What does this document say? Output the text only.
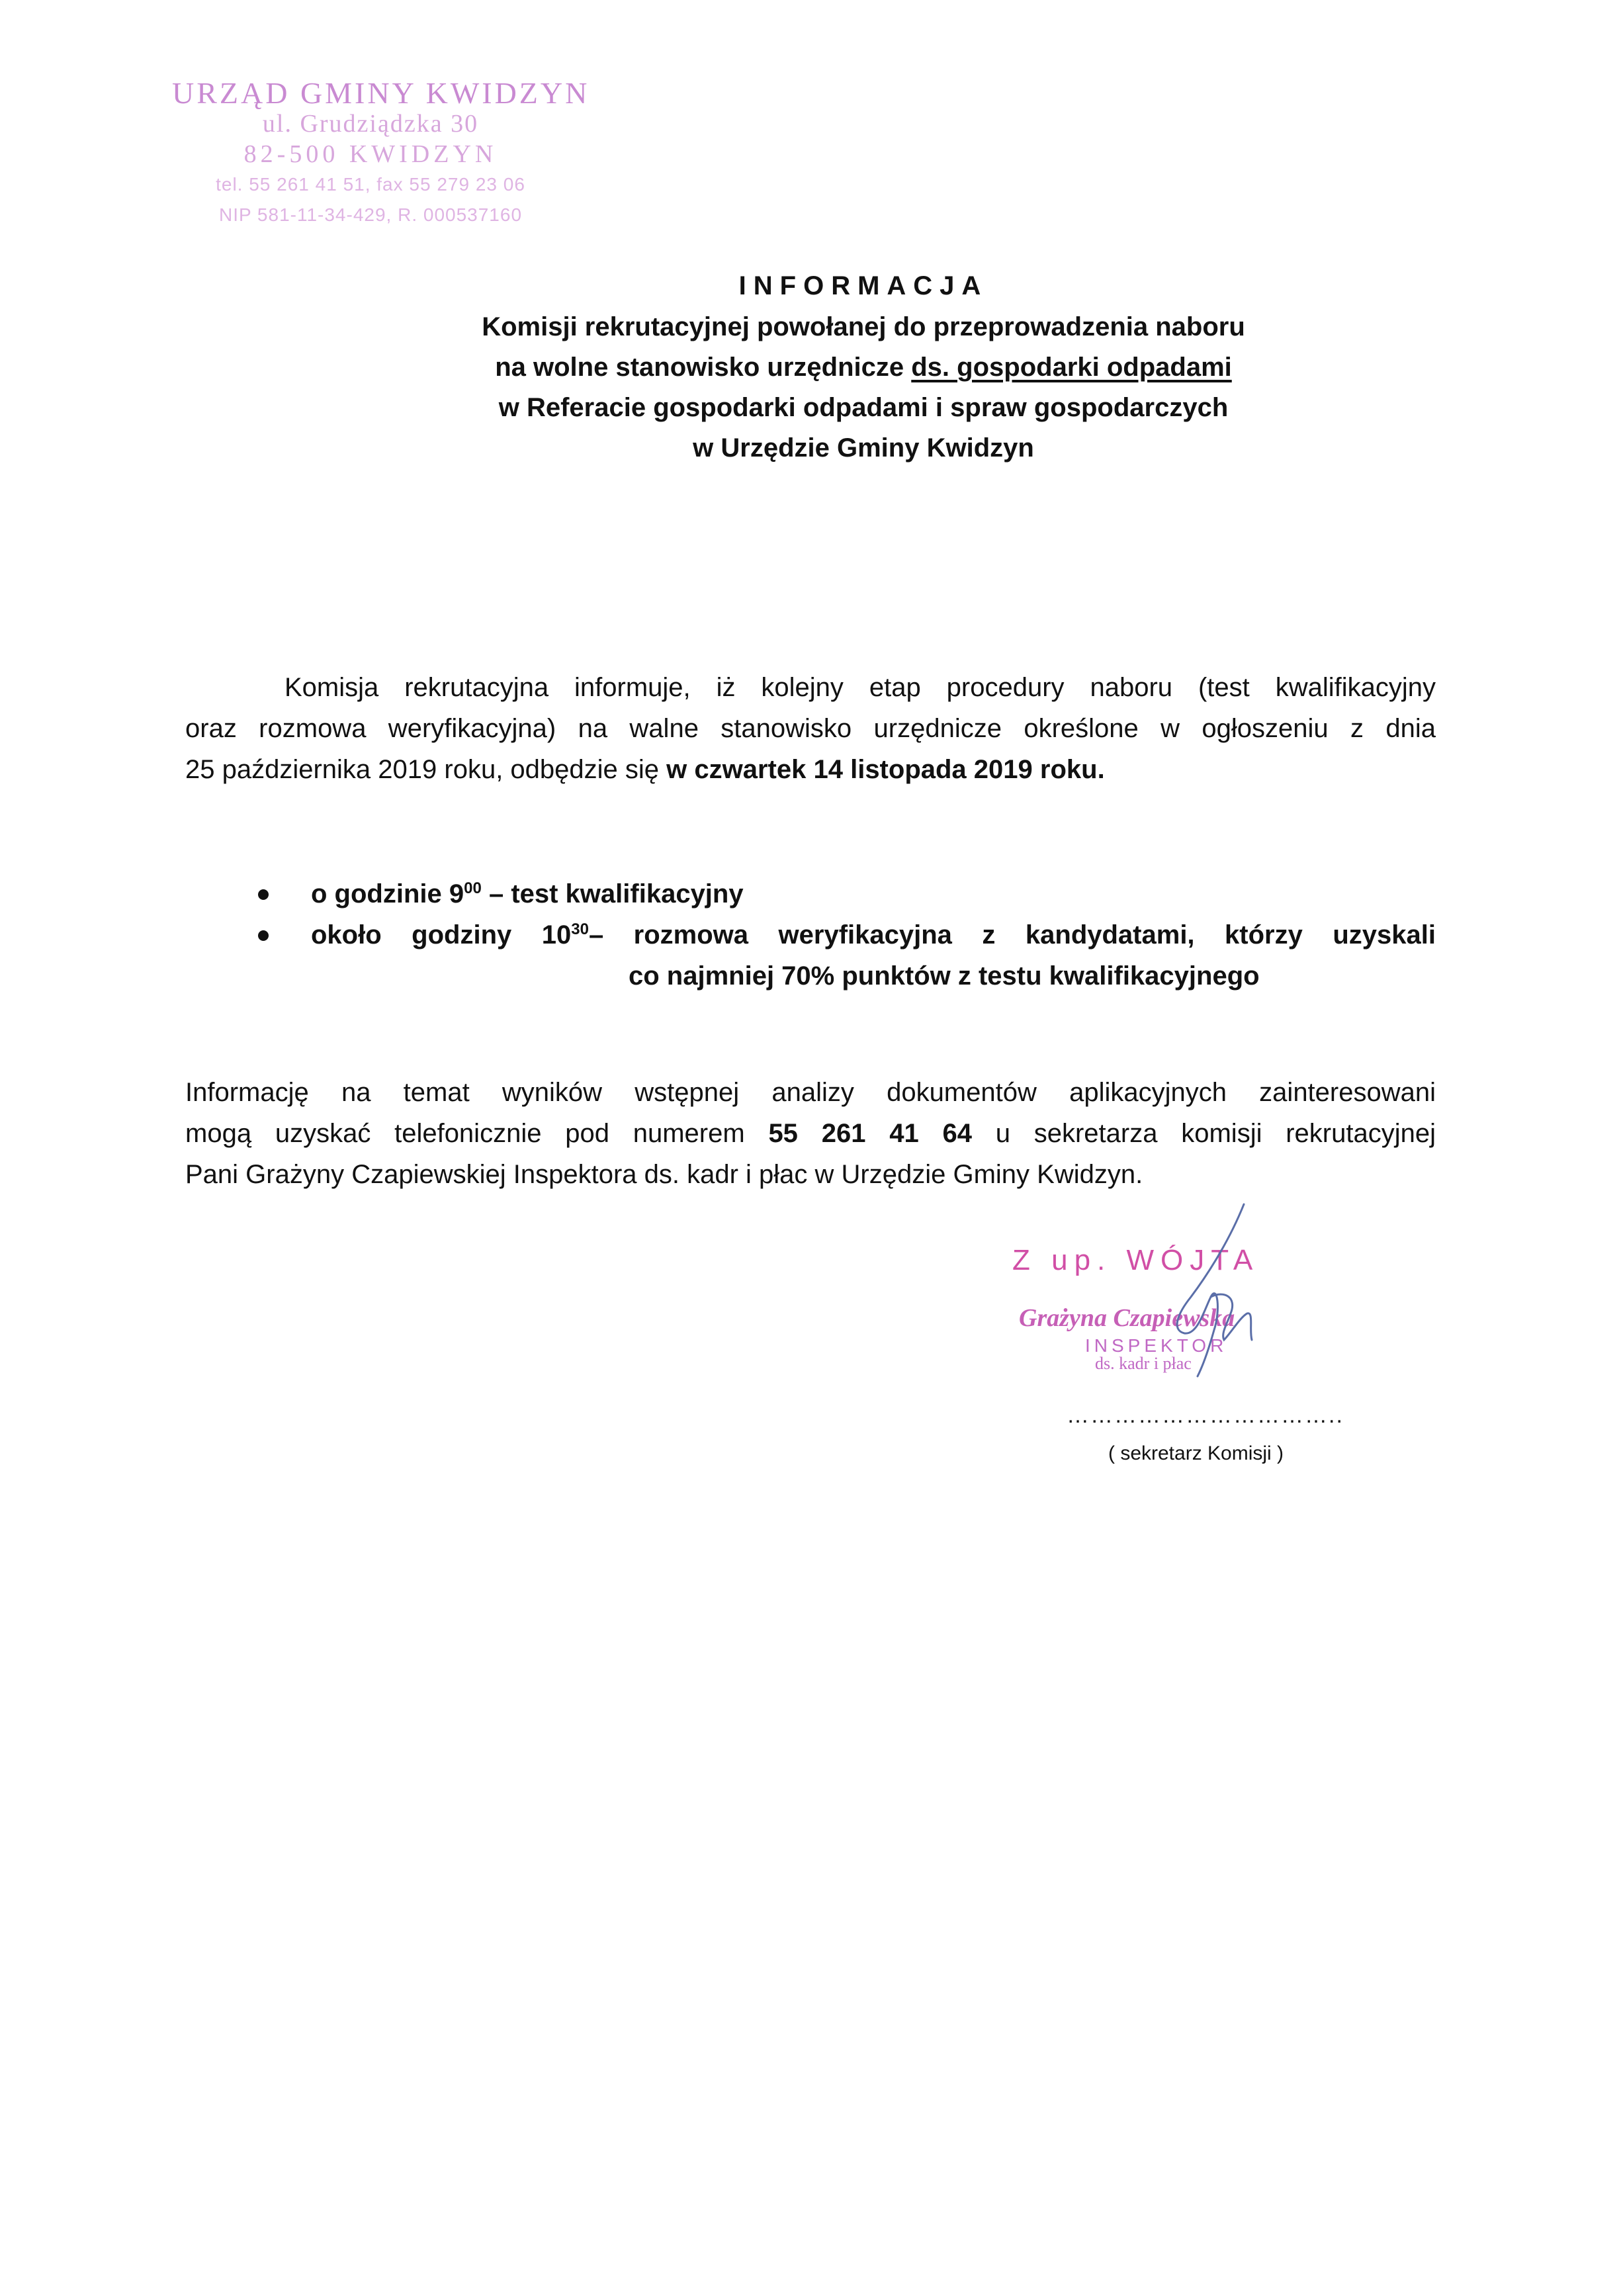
URZĄD GMINY KWIDZYN
ul. Grudziądzka 30
82-500 KWIDZYN
tel. 55 261 41 51, fax 55 279 23 06
NIP 581-11-34-429, R. 000537160
INFORMACJA
Komisji rekrutacyjnej powołanej do przeprowadzenia naboru
na wolne stanowisko urzędnicze ds. gospodarki odpadami
w Referacie gospodarki odpadami i spraw gospodarczych
w Urzędzie Gminy Kwidzyn
Komisja rekrutacyjna informuje, iż kolejny etap procedury naboru (test kwalifikacyjny
oraz rozmowa weryfikacyjna) na walne stanowisko urzędnicze określone w ogłoszeniu z dnia
25 października 2019 roku, odbędzie się w czwartek 14 listopada 2019 roku.
o godzinie $9^{00}$ – test kwalifikacyjny
około godziny $10^{30}-$ rozmowa weryfikacyjna z kandydatami, którzy uzyskali
co najmniej 70% punktów z testu kwalifikacyjnego
Informację na temat wyników wstępnej analizy dokumentów aplikacyjnych zainteresowani
mogą uzyskać telefonicznie pod numerem 55 261 41 64 u sekretarza komisji rekrutacyjnej
Pani Grażyny Czapiewskiej Inspektora ds. kadr i płac w Urzędzie Gminy Kwidzyn.
Z up. WÓJTA
Grażyna Czapiewska
INSPEKTOR
ds. kadr i płac
……………………………..
( sekretarz Komisji )
